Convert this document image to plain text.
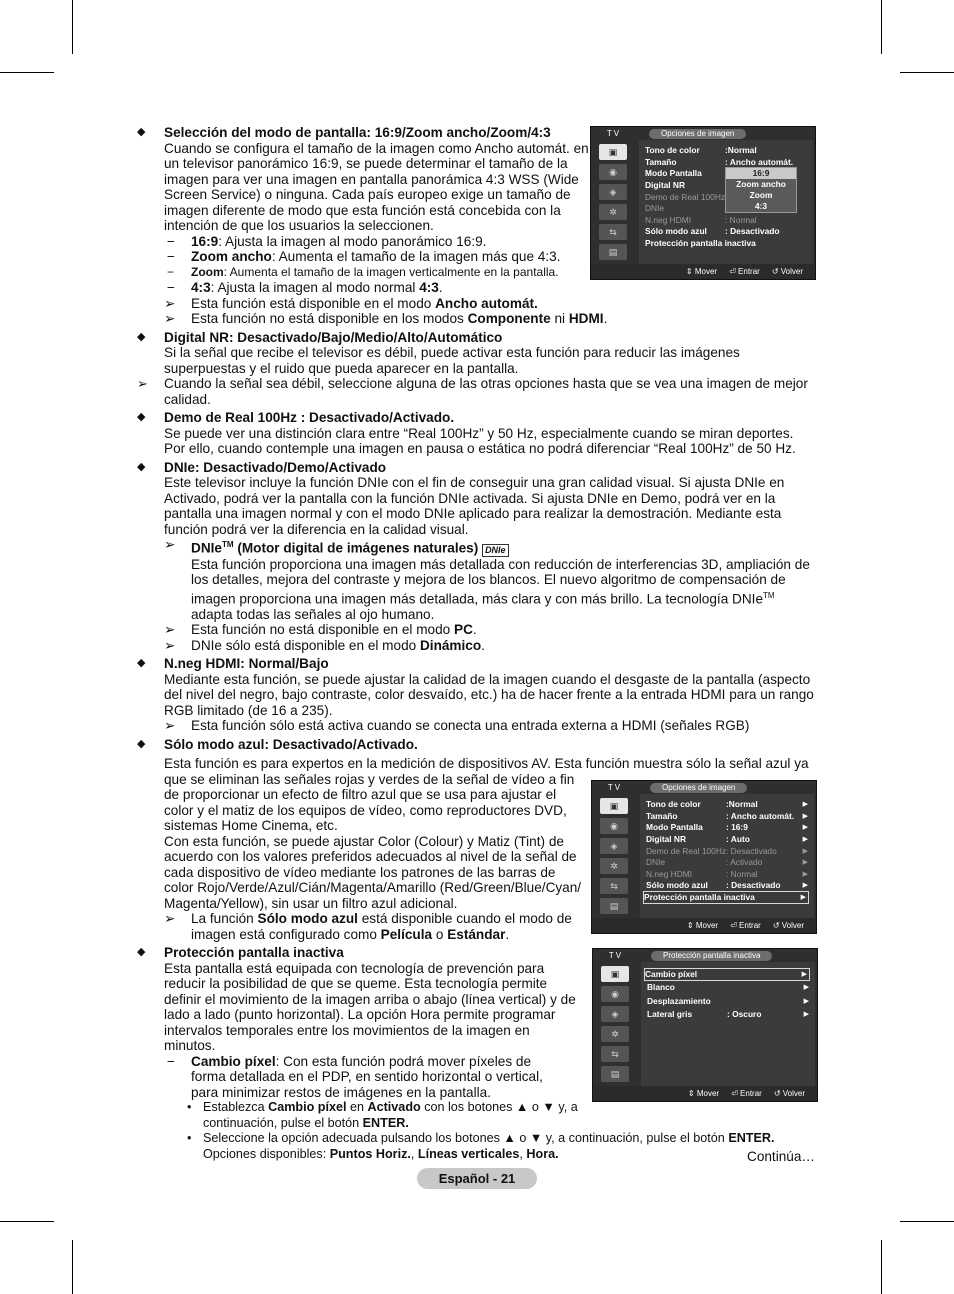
◆ Selección del modo de pantalla: 16:9/Zoom ancho/Zoom/4:3
Cuando se configura el tamaño de la imagen como Ancho automát. en un televisor panorámico 16:9, se puede determinar el tamaño de la imagen para ver una imagen en pantalla panorámica 4:3 WSS (Wide Screen Service) o ninguna. Cada país europeo exige un tamaño de imagen diferente de modo que esta función está concebida con la intención de que los usuarios la seleccionen.
− 16:9: Ajusta la imagen al modo panorámico 16:9.
− Zoom ancho: Aumenta el tamaño de la imagen más que 4:3.
− Zoom: Aumenta el tamaño de la imagen verticalmente en la pantalla.
− 4:3: Ajusta la imagen al modo normal 4:3.
➢ Esta función está disponible en el modo Ancho automát.
➢ Esta función no está disponible en los modos Componente ni HDMI.
◆ Digital NR: Desactivado/Bajo/Medio/Alto/Automático
Si la señal que recibe el televisor es débil, puede activar esta función para reducir las imágenes superpuestas y el ruido que pueda aparecer en la pantalla.
➢ Cuando la señal sea débil, seleccione alguna de las otras opciones hasta que se vea una imagen de mejor calidad.
◆ Demo de Real 100Hz : Desactivado/Activado.
Se puede ver una distinción clara entre “Real 100Hz” y 50 Hz, especialmente cuando se miran deportes. Por ello, cuando contemple una imagen en pausa o estática no podrá diferenciar “Real 100Hz” de 50 Hz.
◆ DNIe: Desactivado/Demo/Activado
Este televisor incluye la función DNIe con el fin de conseguir una gran calidad visual. Si ajusta DNIe en Activado, podrá ver la pantalla con la función DNIe activada. Si ajusta DNIe en Demo, podrá ver en la pantalla una imagen normal y con el modo DNIe aplicado para realizar la demostración. Mediante esta función podrá ver la diferencia en la calidad visual.
➢ DNIe™ (Motor digital de imágenes naturales) DNIe
Esta función proporciona una imagen más detallada con reducción de interferencias 3D, ampliación de los detalles, mejora del contraste y mejora de los blancos. El nuevo algoritmo de compensación de imagen proporciona una imagen más detallada, más clara y con más brillo. La tecnología DNIe™ adapta todas las señales al ojo humano.
➢ Esta función no está disponible en el modo PC.
➢ DNIe sólo está disponible en el modo Dinámico.
◆ N.neg HDMI: Normal/Bajo
Mediante esta función, se puede ajustar la calidad de la imagen cuando el desgaste de la pantalla (aspecto del nivel del negro, bajo contraste, color desvaído, etc.) ha de hacer frente a la entrada HDMI para un rango RGB limitado (de 16 a 235).
➢ Esta función sólo está activa cuando se conecta una entrada externa a HDMI (señales RGB)
◆ Sólo modo azul: Desactivado/Activado.
Esta función es para expertos en la medición de dispositivos AV. Esta función muestra sólo la señal azul ya
que se eliminan las señales rojas y verdes de la señal de vídeo a fin de proporcionar un efecto de filtro azul que se usa para ajustar el color y el matiz de los equipos de vídeo, como reproductores DVD, sistemas Home Cinema, etc.
Con esta función, se puede ajustar Color (Colour) y Matiz (Tint) de acuerdo con los valores preferidos adecuados al nivel de la señal de cada dispositivo de vídeo mediante los patrones de las barras de color Rojo/Verde/Azul/Cián/Magenta/Amarillo (Red/Green/Blue/Cyan/ Magenta/Yellow), sin usar un filtro azul adicional.
➢ La función Sólo modo azul está disponible cuando el modo de imagen está configurado como Película o Estándar.
◆ Protección pantalla inactiva
Esta pantalla está equipada con tecnología de prevención para reducir la posibilidad de que se queme. Esta tecnología permite definir el movimiento de la imagen arriba o abajo (línea vertical) y de lado a lado (punto horizontal). La opción Hora permite programar intervalos temporales entre los movimientos de la imagen en minutos.
− Cambio píxel: Con esta función podrá mover píxeles de forma detallada en el PDP, en sentido horizontal o vertical, para minimizar restos de imágenes en la pantalla.
• Establezca Cambio píxel en Activado con los botones ▲ o ▼ y, a continuación, pulse el botón ENTER.
• Seleccione la opción adecuada pulsando los botones ▲ o ▼ y, a continuación, pulse el botón ENTER.
Opciones disponibles: Puntos Horiz., Líneas verticales, Hora.
T V	Opciones de imagen
▣
◉
◈
✲
⇆
▤
Tono de color	:Normal
Tamaño	: Ancho automát.
Modo Pantalla
Digital NR
Demo de Real 100Hz
DNIe
N.neg HDMI	: Normal
Sólo modo azul : Desactivado
Protección pantalla inactiva
16:9
Zoom ancho
Zoom
4:3
⇕ Mover ⏎ Entrar ↺ Volver
T V	Opciones de imagen
▣
◉
◈
✲
⇆
▤
Tono de color	:Normal	▶
Tamaño	: Ancho automát. ▶
Modo Pantalla	: 16:9	▶
Digital NR	: Auto	▶
Demo de Real 100Hz : Desactivado	▶
DNIe	: Activado	▶
N.neg HDMI	: Normal	▶
Sólo modo azul : Desactivado	▶
Protección pantalla inactiva	▶
⇕ Mover ⏎ Entrar ↺ Volver
T V	Protección pantalla inactiva
▣
◉
◈
✲
⇆
▤
Cambio píxel	▶
Blanco	▶
Desplazamiento	▶
Lateral gris	: Oscuro	▶
⇕ Mover ⏎ Entrar ↺ Volver
Continúa…
Español - 21
